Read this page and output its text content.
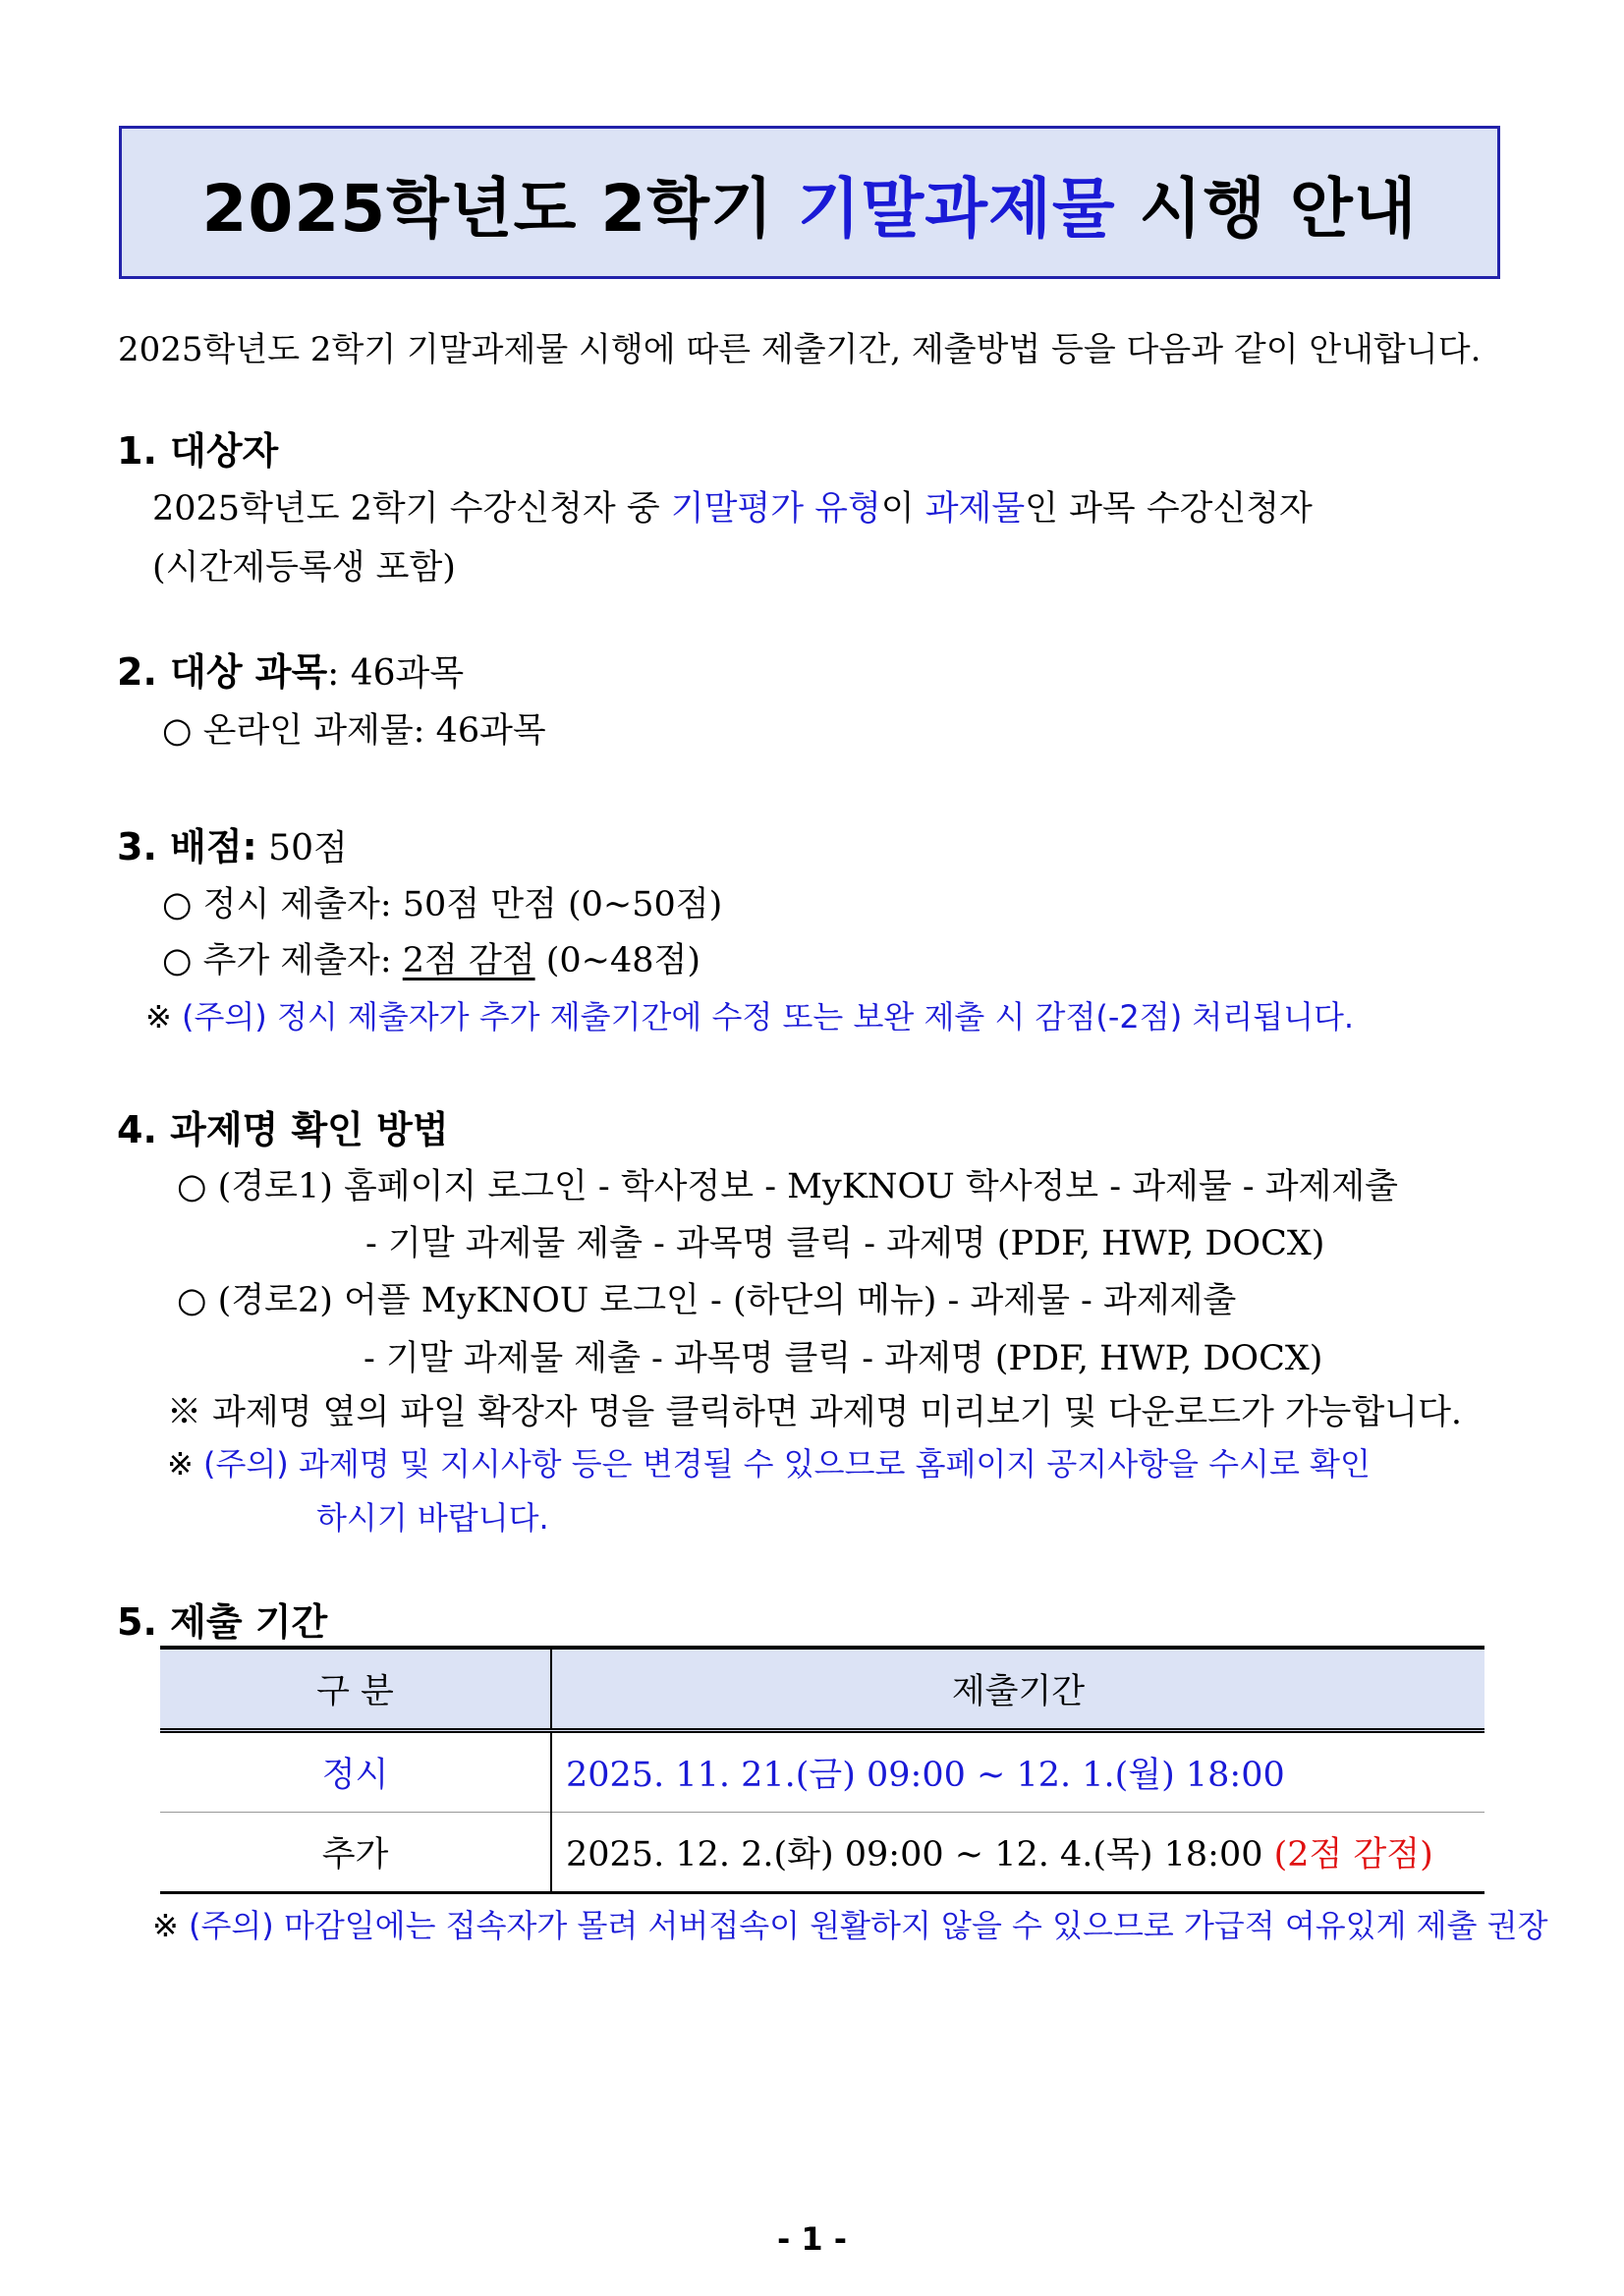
2025학년도 2학기 기말과제물 시행 안내
2025학년도 2학기 기말과제물 시행에 따른 제출기간, 제출방법 등을 다음과 같이 안내합니다.
1. 대상자
2025학년도 2학기 수강신청자 중 기말평가 유형이 과제물인 과목 수강신청자
(시간제등록생 포함)
2. 대상 과목: 46과목
○ 온라인 과제물: 46과목
3. 배점: 50점
○ 정시 제출자: 50점 만점 (0~50점)
○ 추가 제출자: 2점 감점 (0~48점)
※ (주의) 정시 제출자가 추가 제출기간에 수정 또는 보완 제출 시 감점(-2점) 처리됩니다.
4. 과제명 확인 방법
○ (경로1) 홈페이지 로그인 - 학사정보 - MyKNOU 학사정보 - 과제물 - 과제제출
- 기말 과제물 제출 - 과목명 클릭 - 과제명 (PDF, HWP, DOCX)
○ (경로2) 어플 MyKNOU 로그인 - (하단의 메뉴) - 과제물 - 과제제출
- 기말 과제물 제출 - 과목명 클릭 - 과제명 (PDF, HWP, DOCX)
※ 과제명 옆의 파일 확장자 명을 클릭하면 과제명 미리보기 및 다운로드가 가능합니다.
※ (주의) 과제명 및 지시사항 등은 변경될 수 있으므로 홈페이지 공지사항을 수시로 확인
하시기 바랍니다.
5. 제출 기간
구 분	제출기간
정시	2025. 11. 21.(금) 09:00 ~ 12. 1.(월) 18:00
추가	2025. 12. 2.(화) 09:00 ~ 12. 4.(목) 18:00 (2점 감점)
※ (주의) 마감일에는 접속자가 몰려 서버접속이 원활하지 않을 수 있으므로 가급적 여유있게 제출 권장
- 1 -
